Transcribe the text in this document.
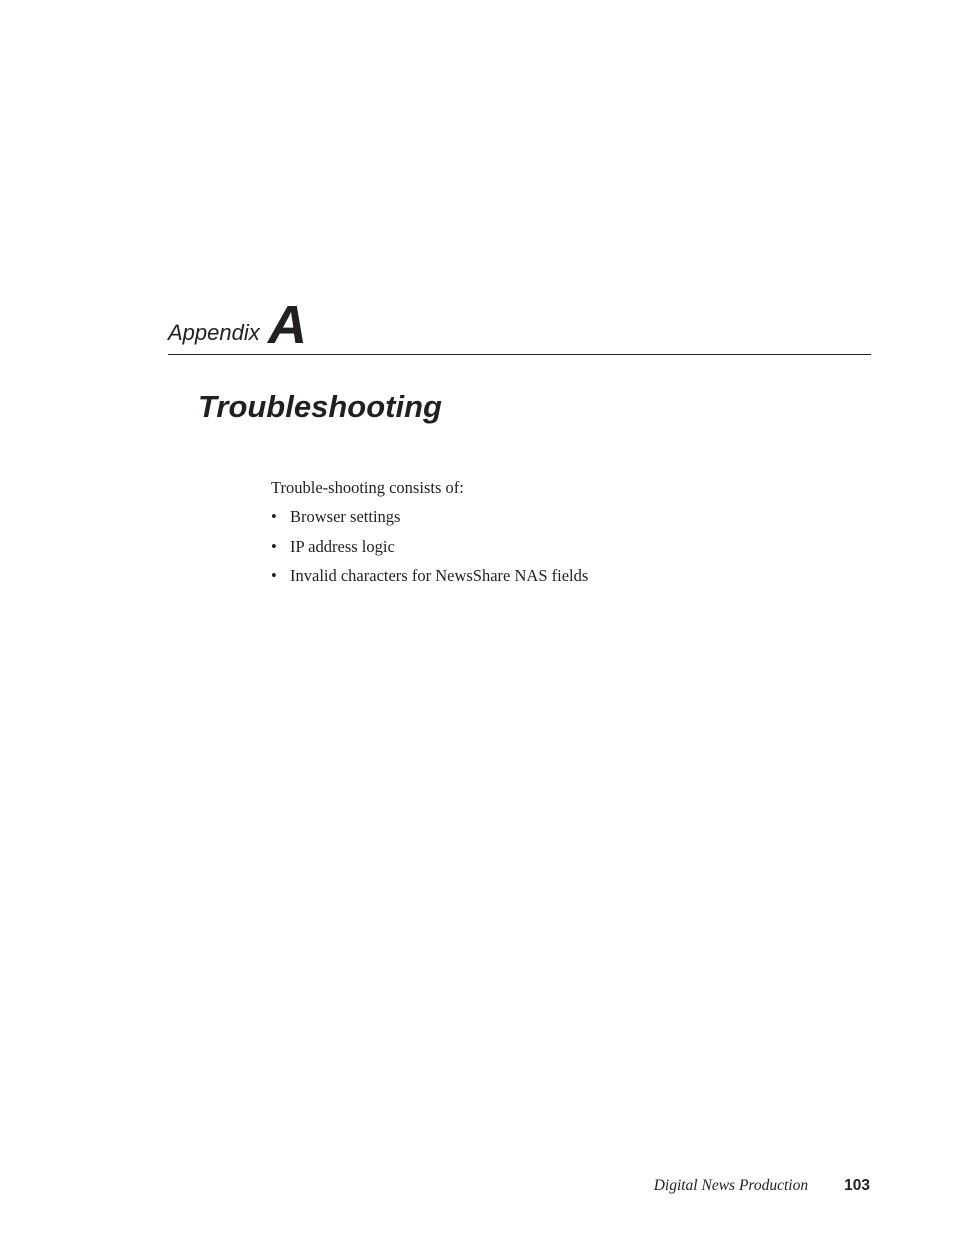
Appendix A
Troubleshooting

Trouble-shooting consists of:

• Browser settings
• IP address logic
• Invalid characters for NewsShare NAS fields
Digital News Production 103
